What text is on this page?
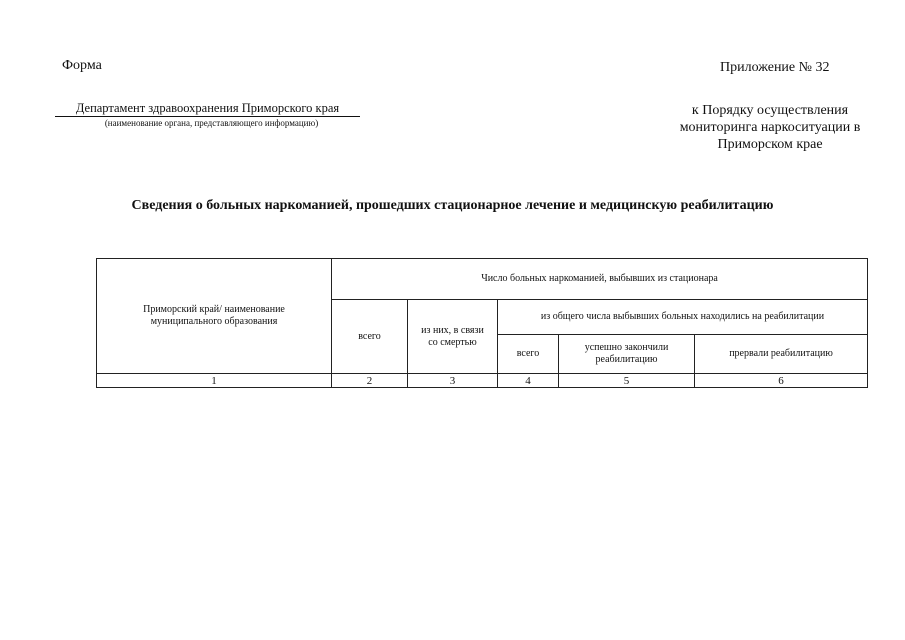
Форма	Приложение № 32
Департамент здравоохранения Приморского края
(наименование органа, представляющего информацию)
к Порядку осуществления
мониторинга наркоситуации в
Приморском крае
Сведения о больных наркоманией, прошедших стационарное лечение и медицинскую реабилитацию
Приморский край/ наименование муниципального образования	Число больных наркоманией, выбывших из стационара				
	всего	из них, в связи со смертью	из общего числа выбывших больных находились на реабилитации		
			всего	успешно закончили реабилитацию	прервали реабилитацию
1	2	3	4	5	6
